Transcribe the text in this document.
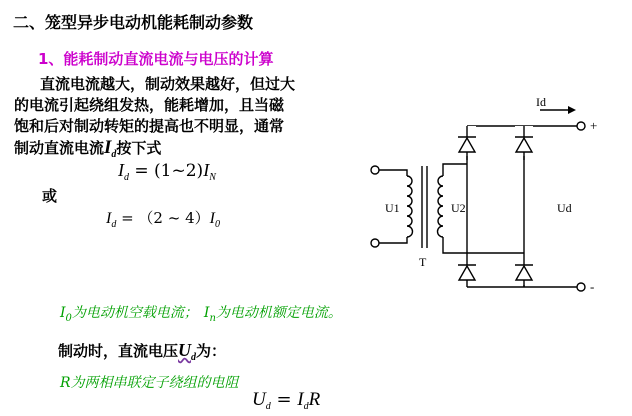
二、笼型异步电动机能耗制动参数
1、能耗制动直流电流与电压的计算
直流电流越大，制动效果越好，但过大
的电流引起绕组发热，能耗增加，且当磁
饱和后对制动转矩的提高也不明显，通常
制动直流电流$I_d$按下式
$I_d$ = $(1\sim 2)I_N$
或
$I_d = (2$ ~ $4)I_0$
$I_0$为电动机空载电流； $I_n$为电动机额定电流。
制动时，直流电压$U_d$为：
R为两相串联定子绕组的电阻
$U_d = I_dR$
Id
U1	U2	Ud
T
+
-
